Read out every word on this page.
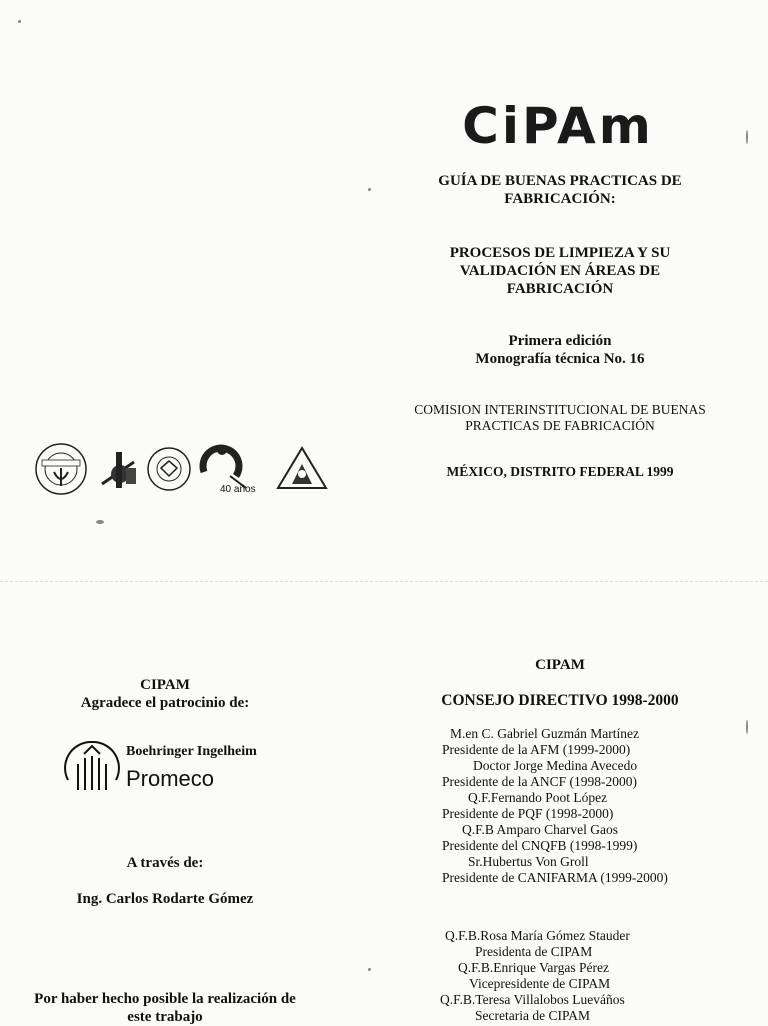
CiPAm
GUÍA DE BUENAS PRACTICAS DE
FABRICACIÓN:
PROCESOS DE LIMPIEZA Y SU
VALIDACIÓN EN ÁREAS DE
FABRICACIÓN
Primera edición
Monografía técnica No. 16
COMISION INTERINSTITUCIONAL DE BUENAS
PRACTICAS DE FABRICACIÓN
MÉXICO, DISTRITO FEDERAL 1999
40 años
CIPAM
Agradece el patrocinio de:
Boehringer Ingelheim
Promeco
A través de:
Ing. Carlos Rodarte Gómez
Por haber hecho posible la realización de
este trabajo
CIPAM
CONSEJO DIRECTIVO 1998-2000
M.en C. Gabriel Guzmán Martínez
Presidente de la AFM (1999-2000)
Doctor Jorge Medina Avecedo
Presidente de la ANCF (1998-2000)
Q.F.Fernando Poot López
Presidente de PQF (1998-2000)
Q.F.B Amparo Charvel Gaos
Presidente del CNQFB (1998-1999)
Sr.Hubertus Von Groll
Presidente de CANIFARMA (1999-2000)
Q.F.B.Rosa María Gómez Stauder
Presidenta de CIPAM
Q.F.B.Enrique Vargas Pérez
Vicepresidente de CIPAM
Q.F.B.Teresa Villalobos Lueváños
Secretaria de CIPAM
